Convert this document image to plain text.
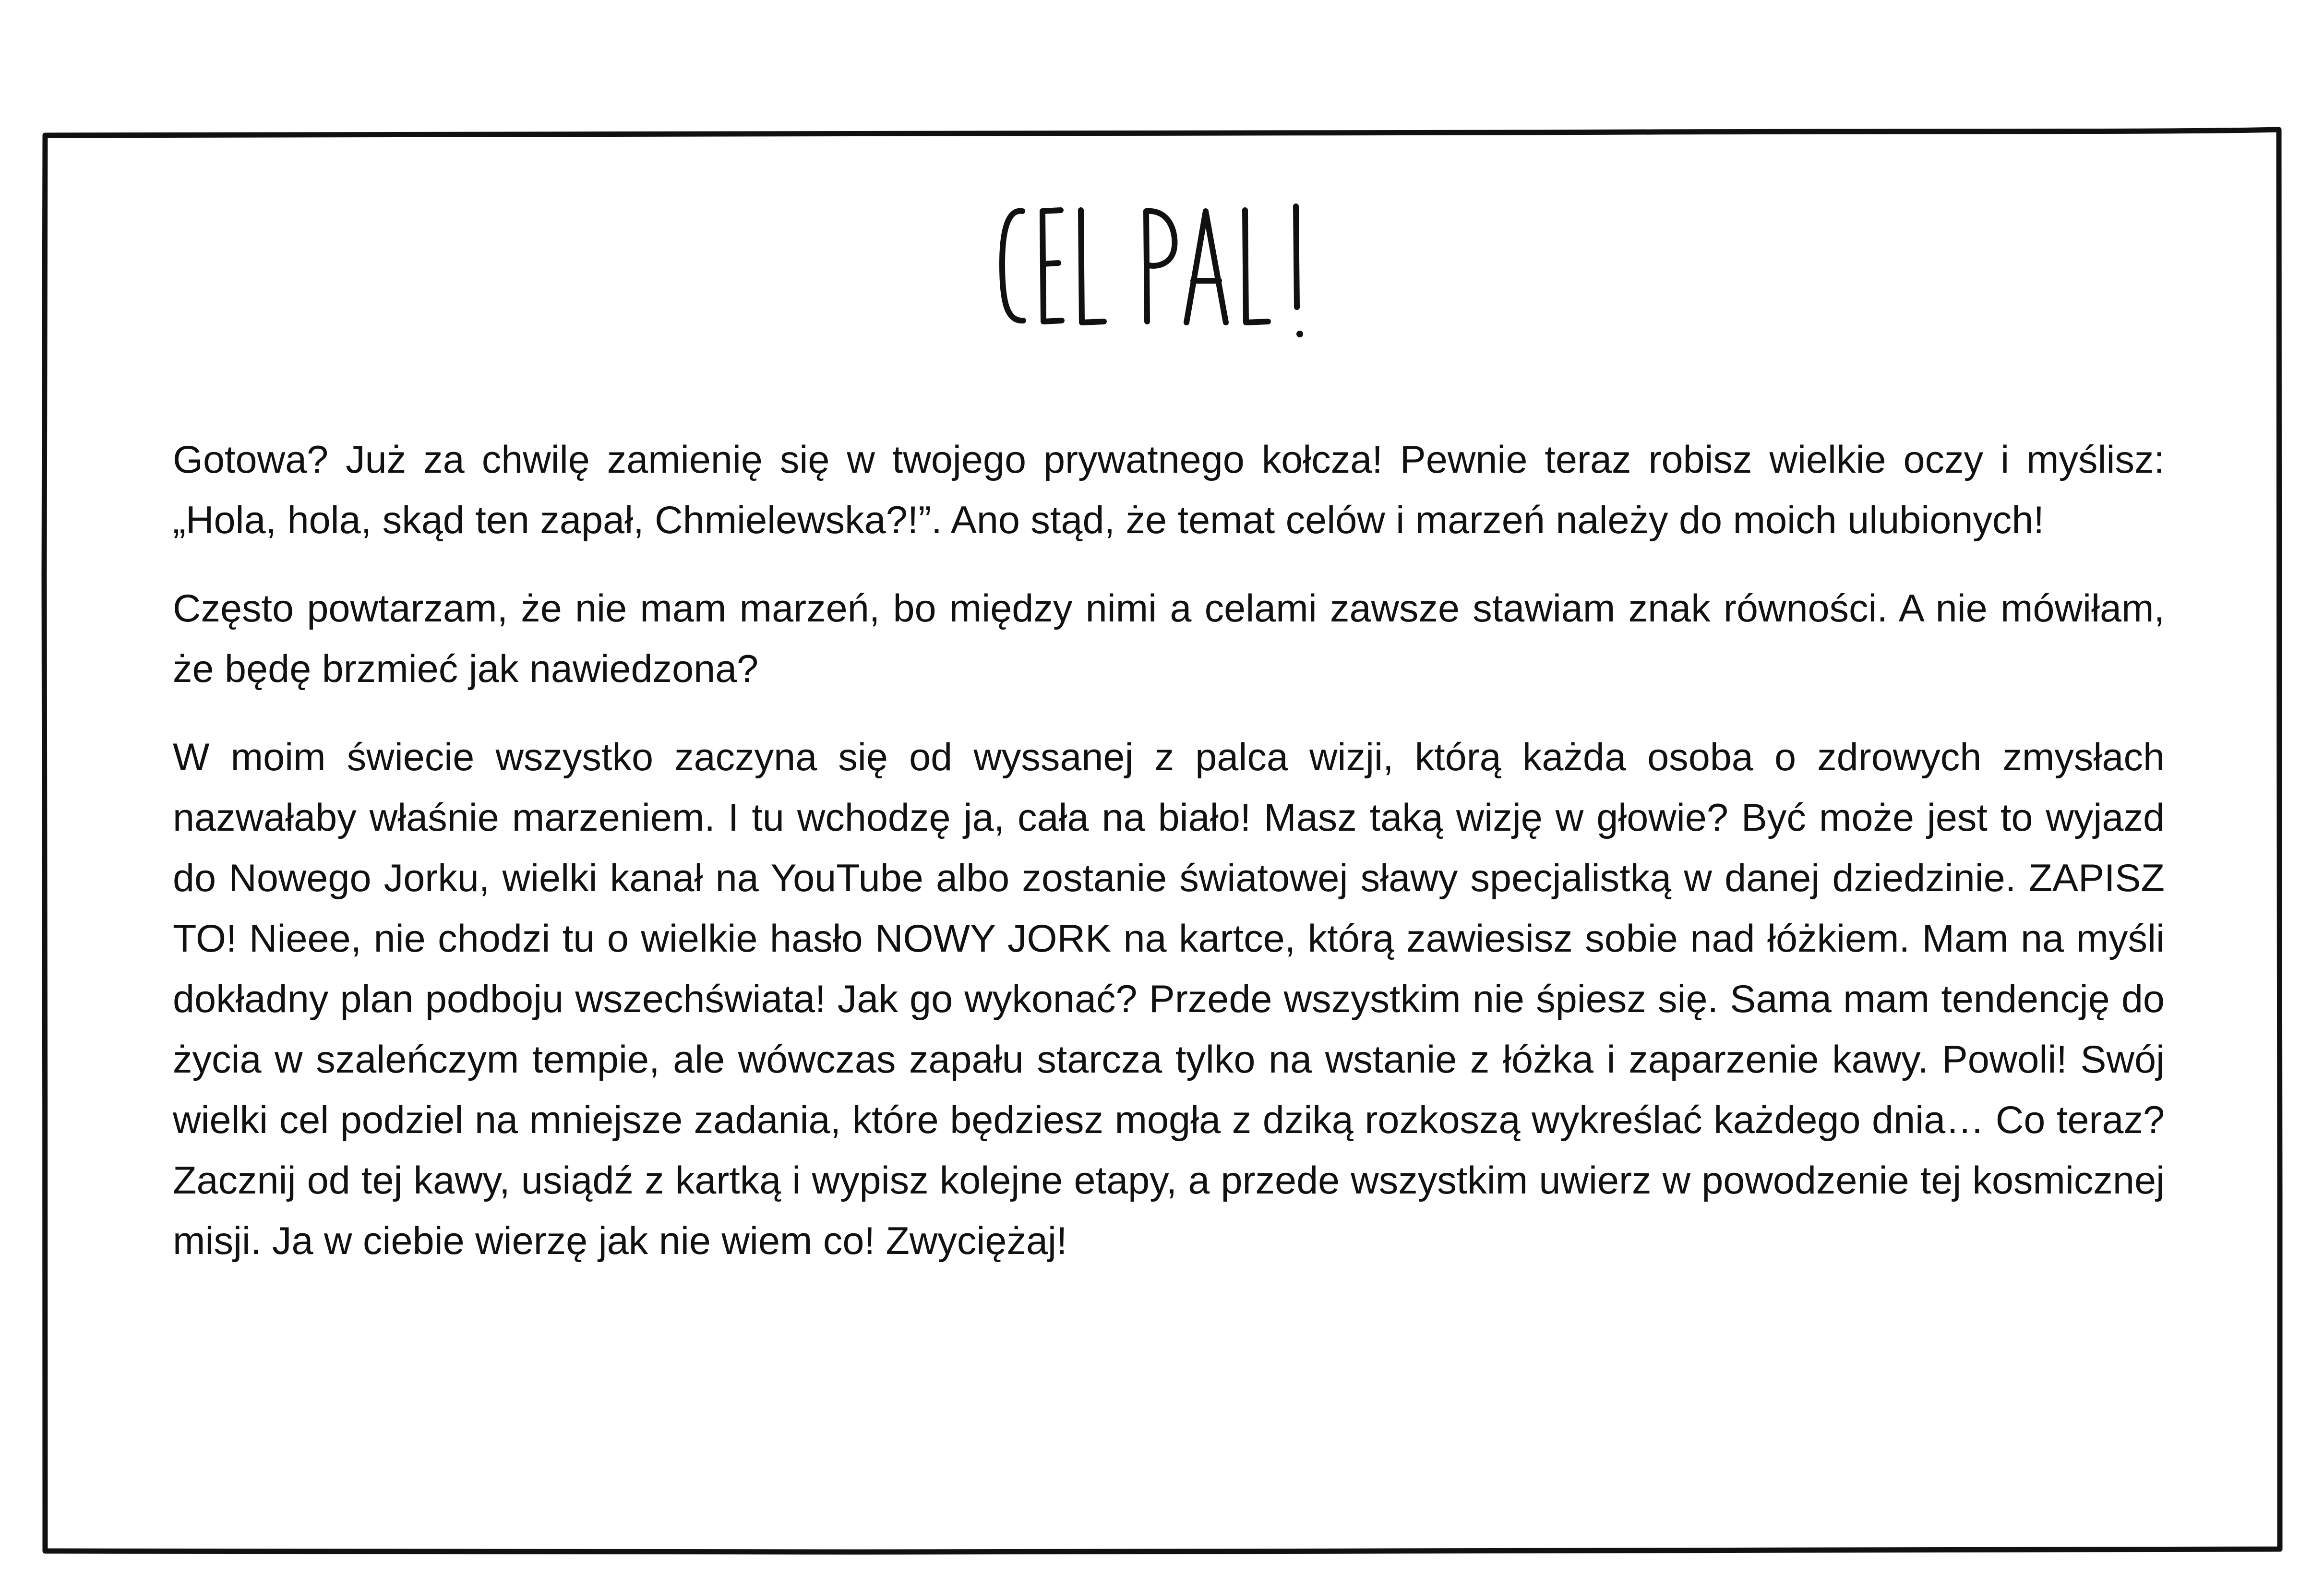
Gotowa? Już za chwilę zamienię się w twojego prywatnego kołcza! Pewnie teraz robisz wielkie oczy i myślisz: „Hola, hola, skąd ten zapał, Chmielewska?!”. Ano stąd, że temat celów i marzeń należy do moich ulubionych!

Często powtarzam, że nie mam marzeń, bo między nimi a celami zawsze stawiam znak równości. A nie mówiłam, że będę brzmieć jak nawiedzona?

W moim świecie wszystko zaczyna się od wyssanej z palca wizji, którą każda osoba o zdrowych zmysłach nazwałaby właśnie marzeniem. I tu wchodzę ja, cała na biało! Masz taką wizję w głowie? Być może jest to wyjazd do Nowego Jorku, wielki kanał na YouTube albo zostanie światowej sławy specjalistką w danej dziedzinie. ZAPISZ TO! Nieee, nie chodzi tu o wielkie hasło NOWY JORK na kartce, którą zawiesisz sobie nad łóżkiem. Mam na myśli dokładny plan podboju wszechświata! Jak go wykonać? Przede wszystkim nie śpiesz się. Sama mam tendencję do życia w szaleńczym tempie, ale wówczas zapału starcza tylko na wstanie z łóżka i zaparzenie kawy. Powoli! Swój wielki cel podziel na mniejsze zadania, które będziesz mogła z dziką rozkoszą wykreślać każdego dnia… Co teraz? Zacznij od tej kawy, usiądź z kartką i wypisz kolejne etapy, a przede wszystkim uwierz w powodzenie tej kosmicznej misji. Ja w ciebie wierzę jak nie wiem co! Zwyciężaj!
